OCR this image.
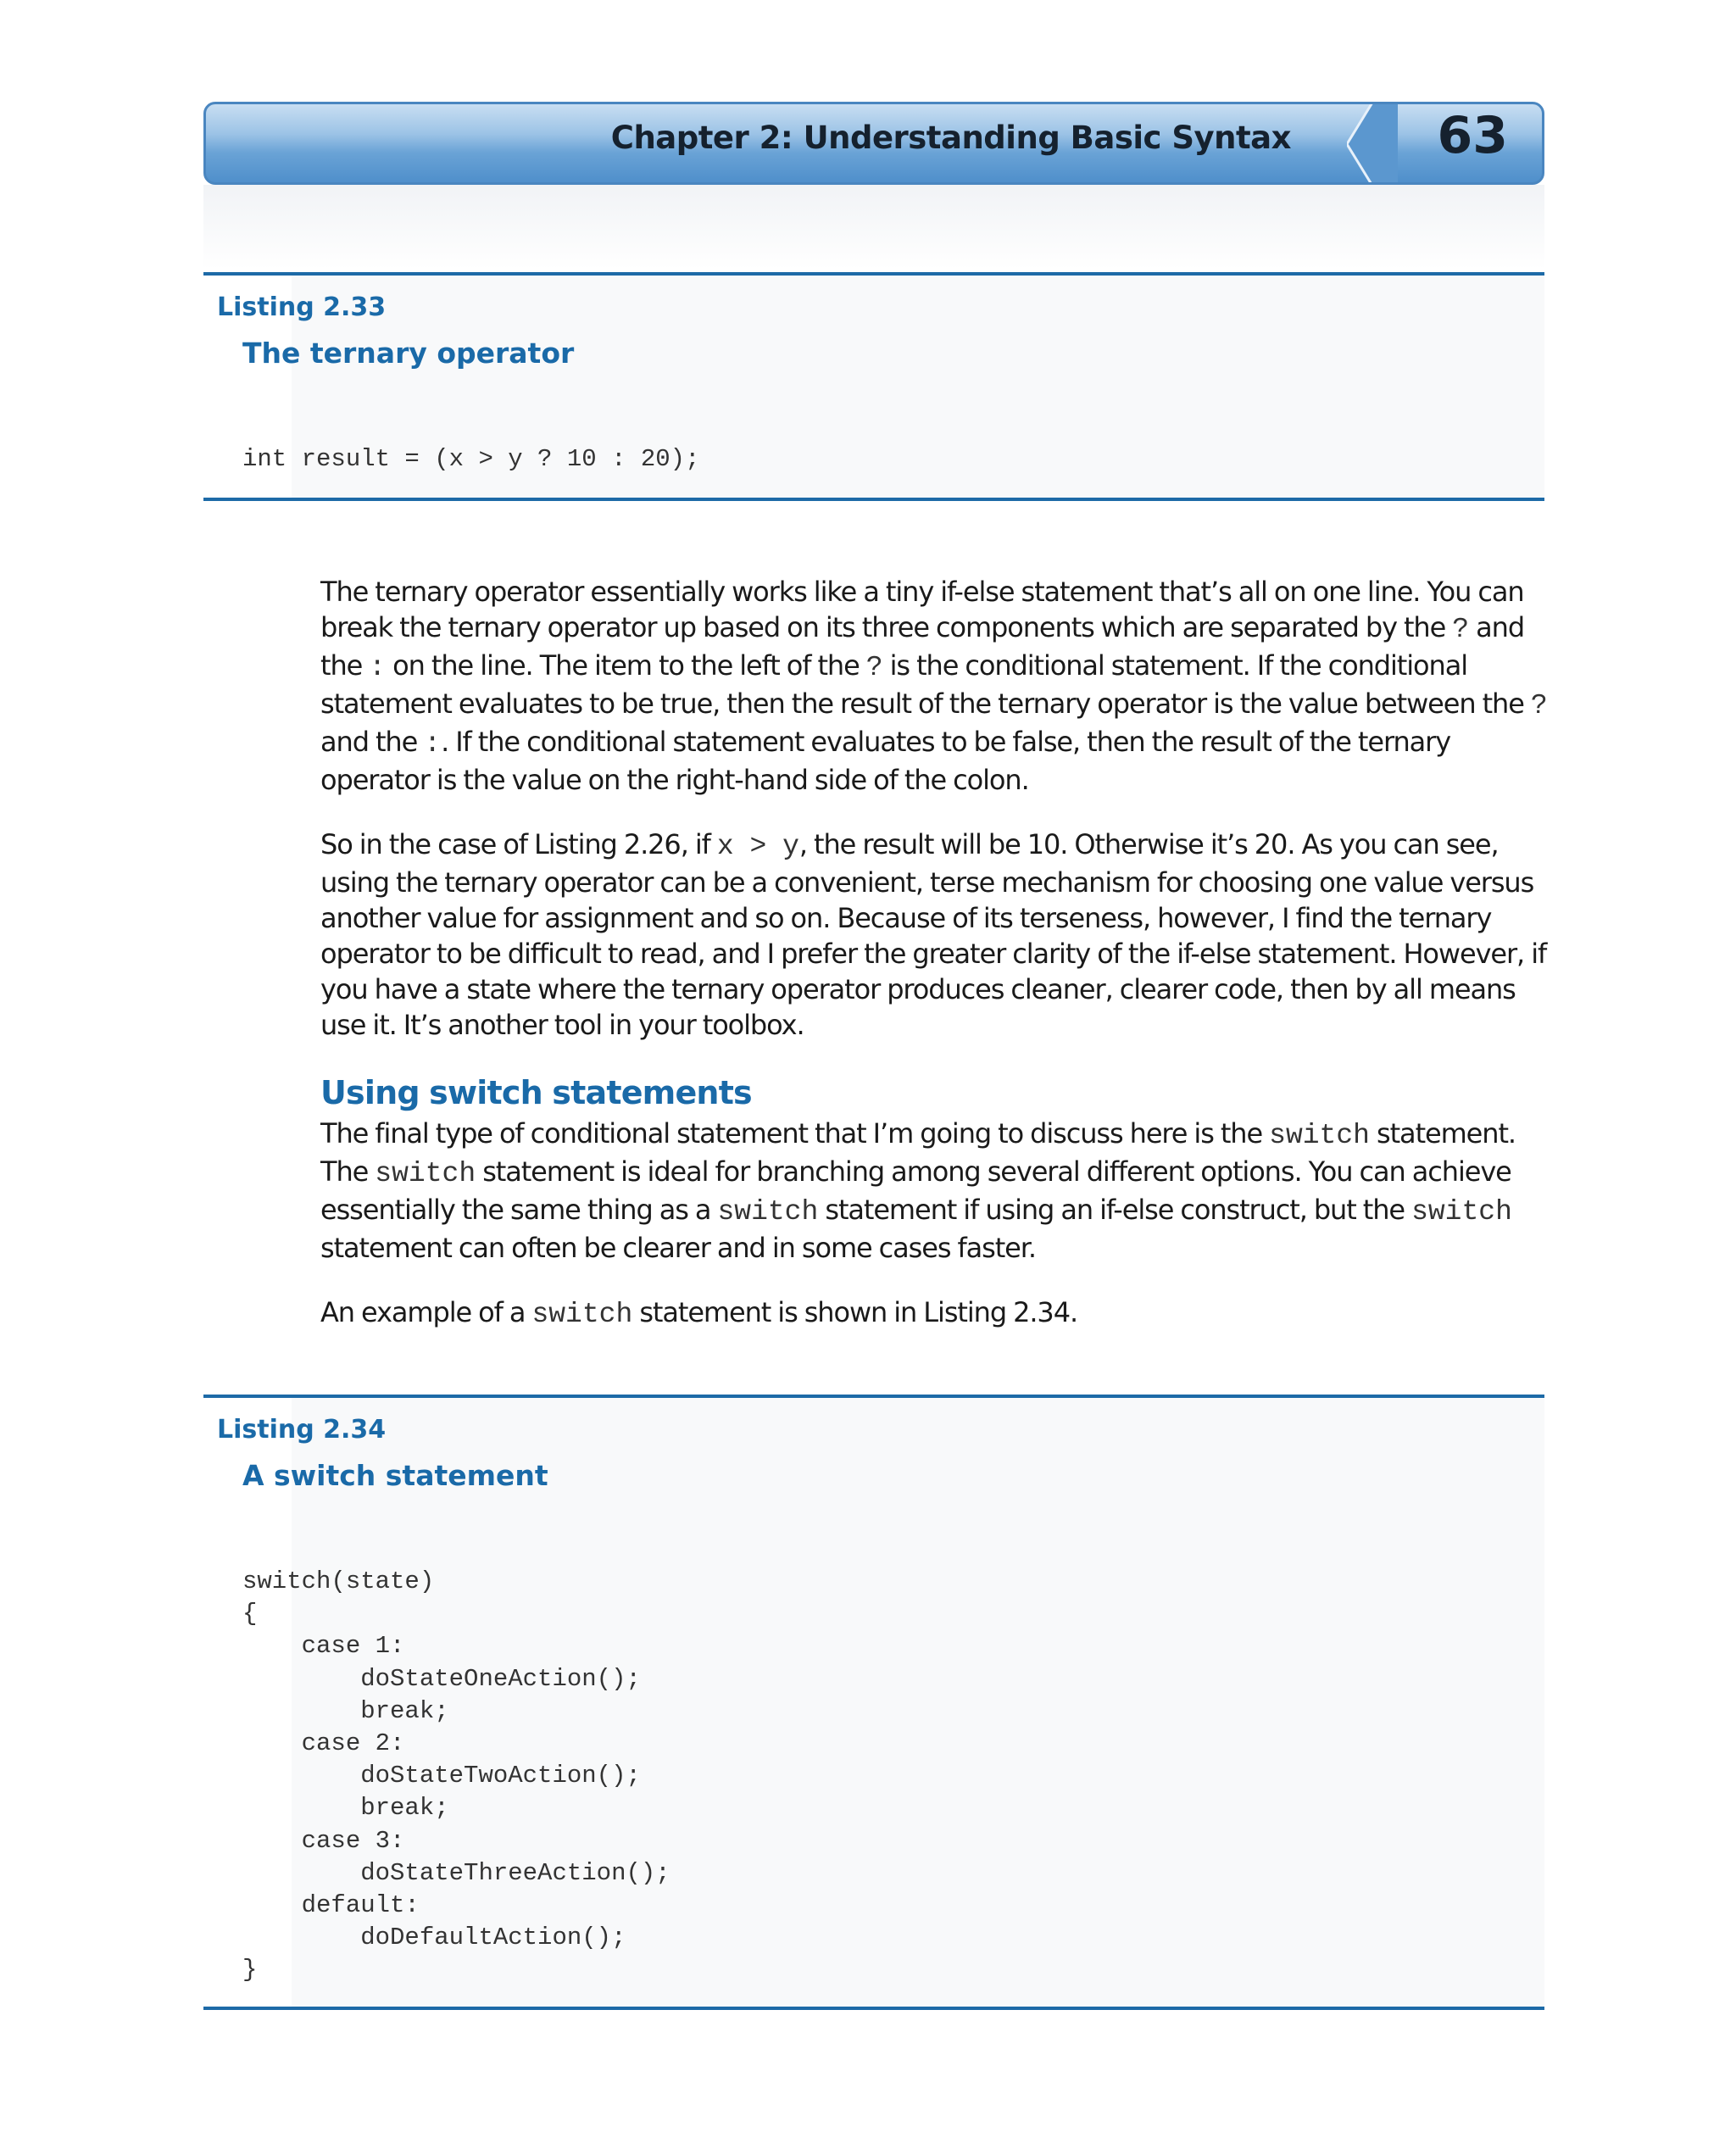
Chapter 2: Understanding Basic Syntax	63
Listing 2.33
The ternary operator
int result = (x > y ? 10 : 20);

The ternary operator essentially works like a tiny if-else statement that’s all on one line. You can break the ternary operator up based on its three components which are separated by the ? and the : on the line. The item to the left of the ? is the conditional statement. If the conditional statement evaluates to be true, then the result of the ternary operator is the value between the ? and the :. If the conditional statement evaluates to be false, then the result of the ternary operator is the value on the right-hand side of the colon.

So in the case of Listing 2.26, if x > y, the result will be 10. Otherwise it’s 20. As you can see, using the ternary operator can be a convenient, terse mechanism for choosing one value versus another value for assignment and so on. Because of its terseness, however, I find the ternary operator to be difficult to read, and I prefer the greater clarity of the if-else statement. However, if you have a state where the ternary operator produces cleaner, clearer code, then by all means use it. It’s another tool in your toolbox.

Using switch statements

The final type of conditional statement that I’m going to discuss here is the switch statement. The switch statement is ideal for branching among several different options. You can achieve essentially the same thing as a switch statement if using an if-else construct, but the switch statement can often be clearer and in some cases faster.

An example of a switch statement is shown in Listing 2.34.

Listing 2.34
A switch statement
switch(state)
{
case 1:
doStateOneAction();
break;
case 2:
doStateTwoAction();
break;
case 3:
doStateThreeAction();
default:
doDefaultAction();
}
